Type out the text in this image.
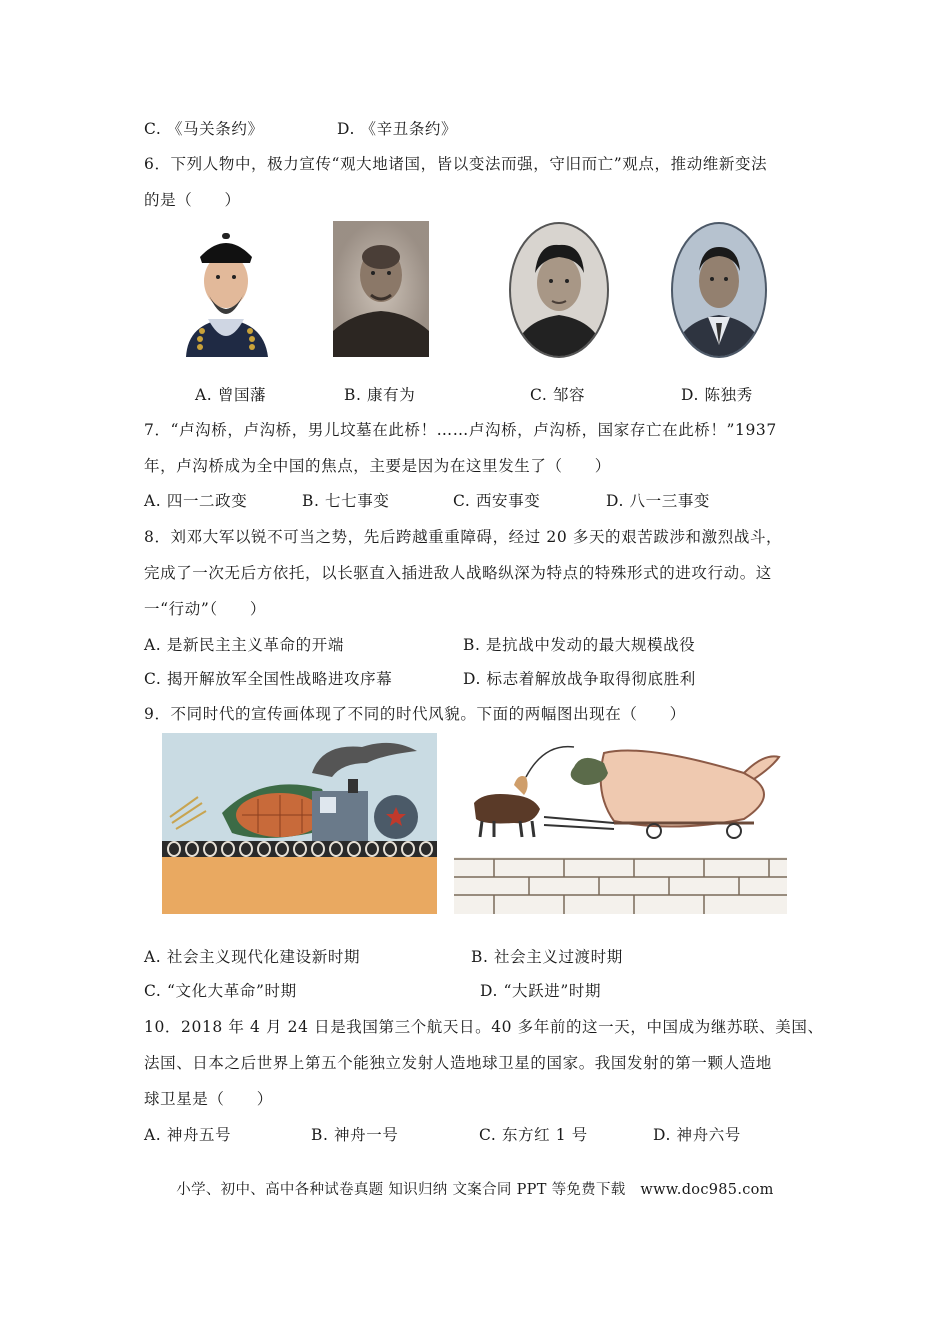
C. 《马关条约》	D. 《辛丑条约》
6．下列人物中，极力宣传“观大地诸国，皆以变法而强，守旧而亡”观点，推动维新变法
的是（　　）
A. 曾国藩	B. 康有为	C. 邹容	D. 陈独秀
7．“卢沟桥，卢沟桥，男儿坟墓在此桥！……卢沟桥，卢沟桥，国家存亡在此桥！”1937
年，卢沟桥成为全中国的焦点，主要是因为在这里发生了（　　）
A. 四一二政变	B. 七七事变	C. 西安事变	D. 八一三事变
8．刘邓大军以锐不可当之势，先后跨越重重障碍，经过 20 多天的艰苦跋涉和激烈战斗，
完成了一次无后方依托，以长驱直入插进敌人战略纵深为特点的特殊形式的进攻行动。这
一“行动”（　　）
A. 是新民主主义革命的开端	B. 是抗战中发动的最大规模战役
C. 揭开解放军全国性战略进攻序幕	D. 标志着解放战争取得彻底胜利
9．不同时代的宣传画体现了不同的时代风貌。下面的两幅图出现在（　　）
A. 社会主义现代化建设新时期	B. 社会主义过渡时期
C. “文化大革命”时期	D. “大跃进”时期
10．2018 年 4 月 24 日是我国第三个航天日。40 多年前的这一天，中国成为继苏联、美国、
法国、日本之后世界上第五个能独立发射人造地球卫星的国家。我国发射的第一颗人造地
球卫星是（　　）
A. 神舟五号	B. 神舟一号	C. 东方红 1 号	D. 神舟六号
小学、初中、高中各种试卷真题 知识归纳 文案合同 PPT 等免费下载　www.doc985.com
